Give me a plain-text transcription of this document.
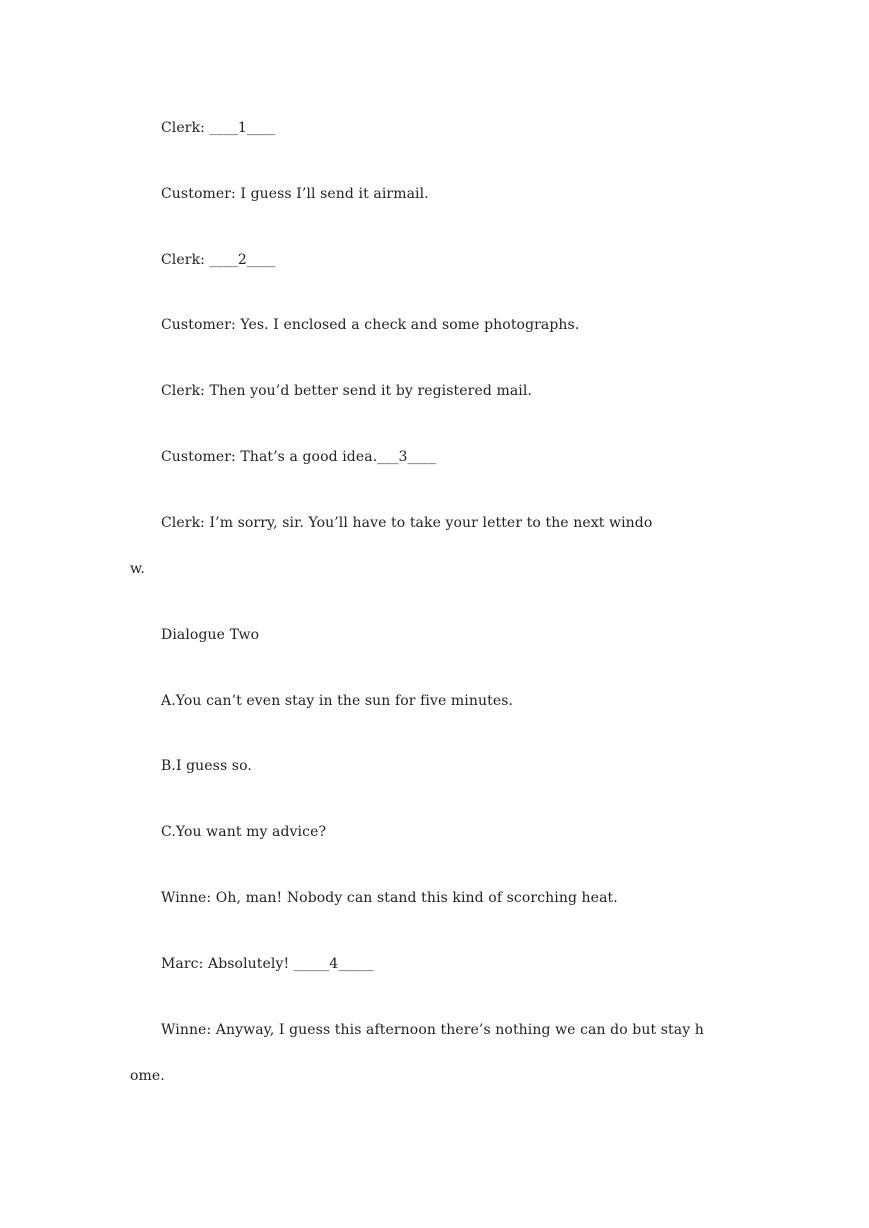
Clerk: ____1____
Customer: I guess I’ll send it airmail.
Clerk: ____2____
Customer: Yes. I enclosed a check and some photographs.
Clerk: Then you’d better send it by registered mail.
Customer: That’s a good idea.___3____
Clerk: I’m sorry, sir. You’ll have to take your letter to the next windo
w.
Dialogue Two
A.You can’t even stay in the sun for five minutes.
B.I guess so.
C.You want my advice?
Winne: Oh, man! Nobody can stand this kind of scorching heat.
Marc: Absolutely! _____4_____
Winne: Anyway, I guess this afternoon there’s nothing we can do but stay h
ome.
